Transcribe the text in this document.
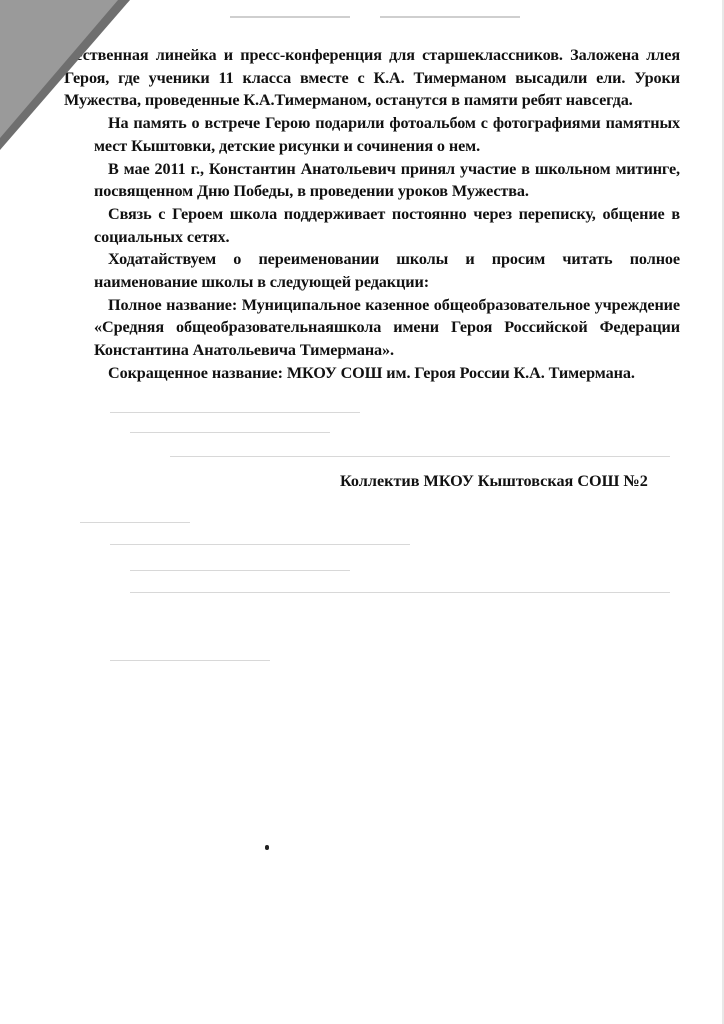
жественная линейка и пресс-конференция для старшеклассников. Заложена ллея Героя, где ученики 11 класса вместе с К.А. Тимерманом высадили ели. Уроки Мужества, проведенные К.А.Тимерманом, останутся в памяти ребят навсегда.

На память о встрече Герою подарили фотоальбом с фотографиями памятных мест Кыштовки, детские рисунки и сочинения о нем.

В мае 2011 г., Константин Анатольевич принял участие в школьном митинге, посвященном Дню Победы, в проведении уроков Мужества.

Связь с Героем школа поддерживает постоянно через переписку, общение в социальных сетях.

Ходатайствуем о переименовании школы и просим читать полное наименование школы в следующей редакции:

Полное название: Муниципальное казенное общеобразовательное учреждение «Средняя общеобразовательнаяшкола имени Героя Российской Федерации Константина Анатольевича Тимермана».

Сокращенное название: МКОУ СОШ им. Героя России К.А. Тимермана.

Коллектив МКОУ Кыштовская СОШ №2
